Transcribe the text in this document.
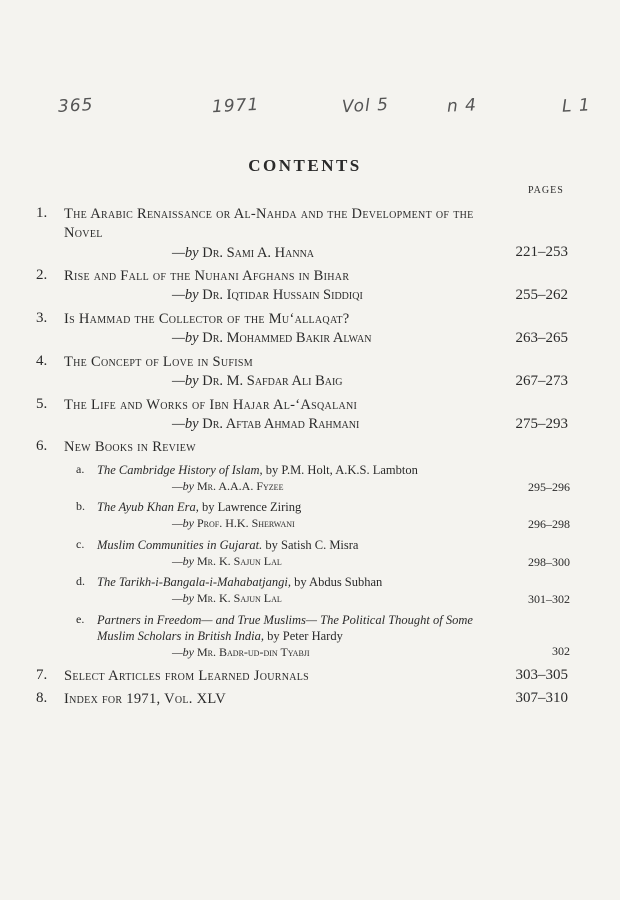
365	1971	Vol 5	n 4	L 1
CONTENTS
PAGES
1. The Arabic Renaissance or Al-Nahda and the Development of the Novel
—by Dr. Sami A. Hanna	221–253
2. Rise and Fall of the Nuhani Afghans in Bihar
—by Dr. Iqtidar Hussain Siddiqi	255–262
3. Is Hammad the Collector of the Mu‘allaqat?
—by Dr. Mohammed Bakir Alwan	263–265
4. The Concept of Love in Sufism
—by Dr. M. Safdar Ali Baig	267–273
5. The Life and Works of Ibn Hajar Al-‘Asqalani
—by Dr. Aftab Ahmad Rahmani	275–293
6. New Books in Review
a. The Cambridge History of Islam, by P.M. Holt, A.K.S. Lambton
—by Mr. A.A.A. Fyzee	295–296
b. The Ayub Khan Era, by Lawrence Ziring
—by Prof. H.K. Sherwani	296–298
c. Muslim Communities in Gujarat. by Satish C. Misra
—by Mr. K. Sajun Lal	298–300
d. The Tarikh-i-Bangala-i-Mahabatjangi, by Abdus Subhan
—by Mr. K. Sajun Lal	301–302
e. Partners in Freedom— and True Muslims— The Political Thought of Some Muslim Scholars in British India, by Peter Hardy
—by Mr. Badr-ud-din Tyabji	302
7. Select Articles from Learned Journals	303–305
8. Index for 1971, Vol. XLV	307–310
